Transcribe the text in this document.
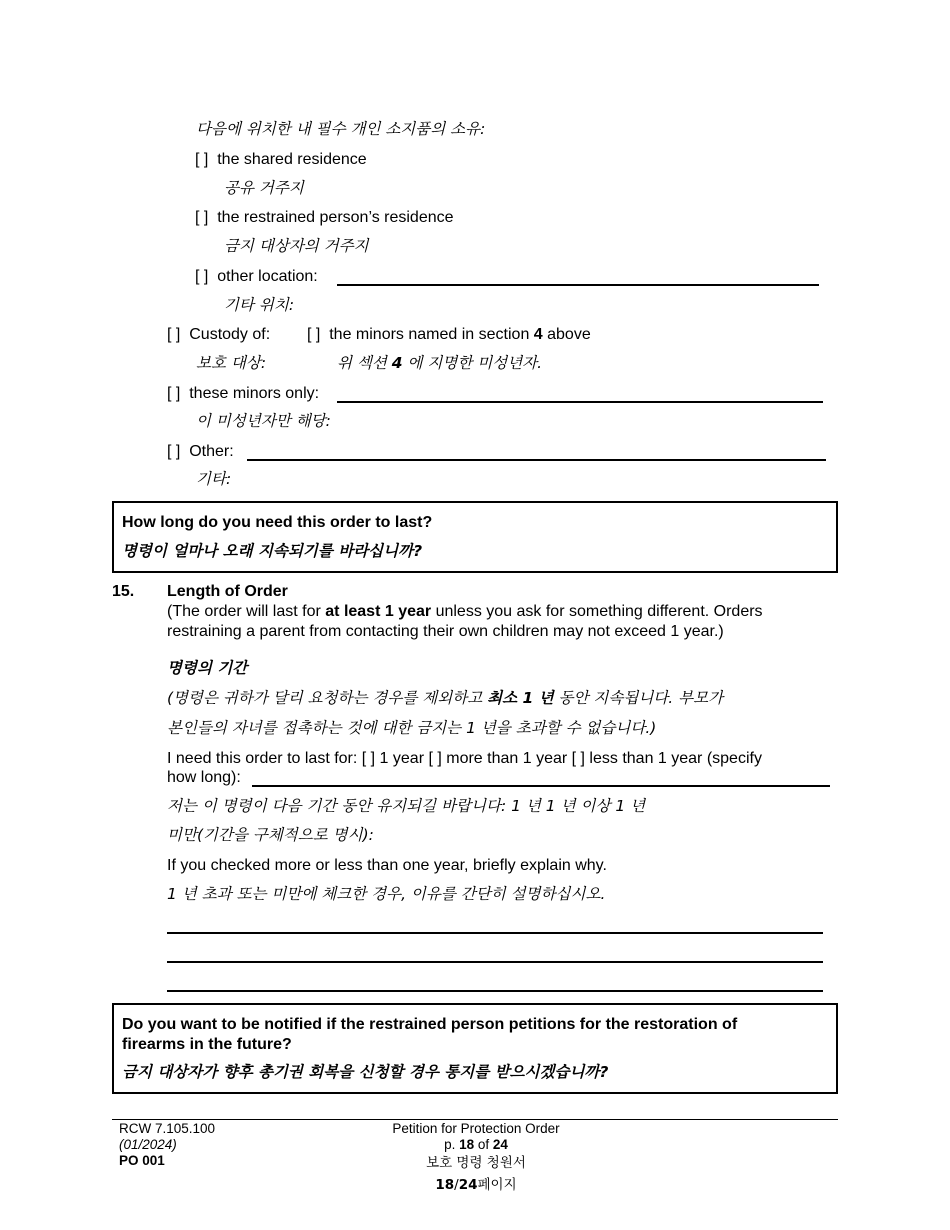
다음에 위치한 내 필수 개인 소지품의 소유:
[ ] the shared residence
공유 거주지
[ ] the restrained person’s residence
금지 대상자의 거주지
[ ] other location:
기타 위치:
[ ] Custody of: [ ] the minors named in section 4 above
보호 대상:	위 섹션 4 에 지명한 미성년자.
[ ] these minors only:
이 미성년자만 해당:
[ ] Other:
기타:
How long do you need this order to last?
명령이 얼마나 오래 지속되기를 바라십니까?
15. Length of Order
(The order will last for at least 1 year unless you ask for something different. Orders
restraining a parent from contacting their own children may not exceed 1 year.)
명령의 기간
(명령은 귀하가 달리 요청하는 경우를 제외하고 최소 1 년 동안 지속됩니다. 부모가
본인들의 자녀를 접촉하는 것에 대한 금지는 1 년을 초과할 수 없습니다.)
I need this order to last for: [ ] 1 year [ ] more than 1 year [ ] less than 1 year (specify
how long):
저는 이 명령이 다음 기간 동안 유지되길 바랍니다: 1 년 1 년 이상 1 년
미만(기간을 구체적으로 명시):
If you checked more or less than one year, briefly explain why.
1 년 초과 또는 미만에 체크한 경우, 이유를 간단히 설명하십시오.
Do you want to be notified if the restrained person petitions for the restoration of
firearms in the future?
금지 대상자가 향후 총기권 회복을 신청할 경우 통지를 받으시겠습니까?
RCW 7.105.100
(01/2024)
PO 001
Petition for Protection Order
p. 18 of 24
보호 명령 청원서
18/24페이지
